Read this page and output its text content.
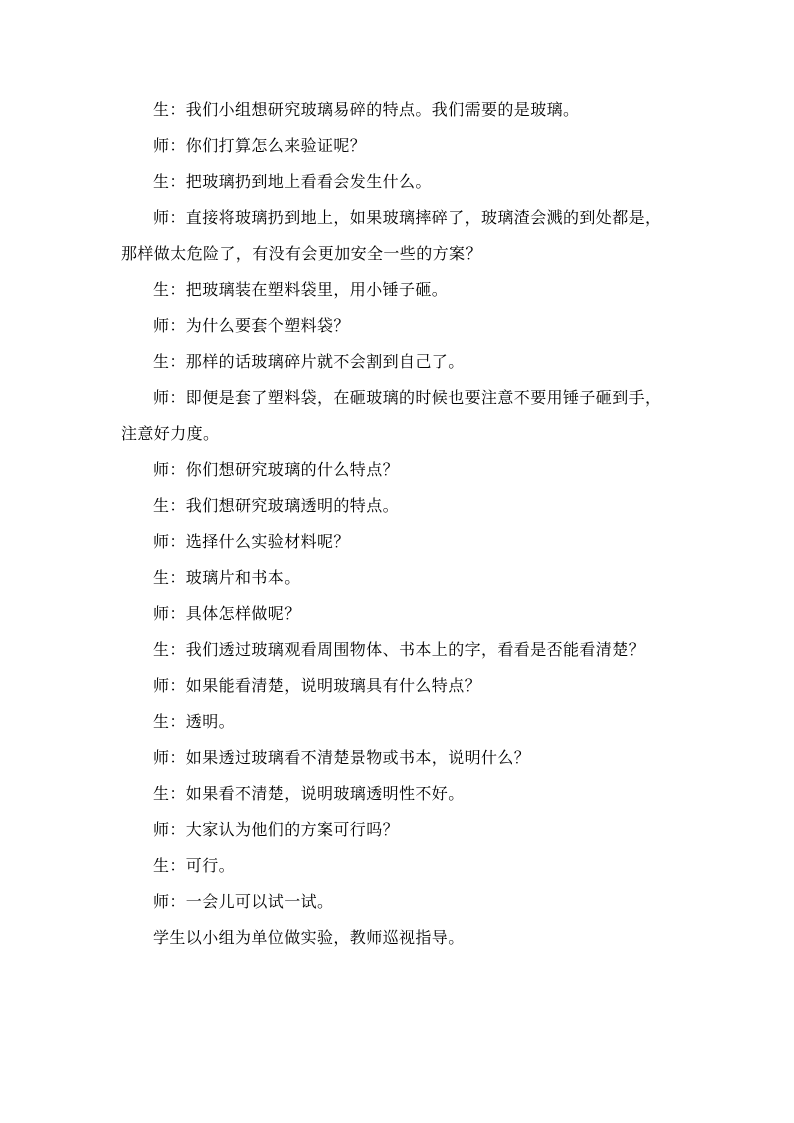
生：我们小组想研究玻璃易碎的特点。我们需要的是玻璃。

师：你们打算怎么来验证呢？

生：把玻璃扔到地上看看会发生什么。

师：直接将玻璃扔到地上，如果玻璃摔碎了，玻璃渣会溅的到处都是，那样做太危险了，有没有会更加安全一些的方案？

生：把玻璃装在塑料袋里，用小锤子砸。

师：为什么要套个塑料袋？

生：那样的话玻璃碎片就不会割到自己了。

师：即便是套了塑料袋，在砸玻璃的时候也要注意不要用锤子砸到手，注意好力度。

师：你们想研究玻璃的什么特点？

生：我们想研究玻璃透明的特点。

师：选择什么实验材料呢？

生：玻璃片和书本。

师：具体怎样做呢？

生：我们透过玻璃观看周围物体、书本上的字，看看是否能看清楚？

师：如果能看清楚，说明玻璃具有什么特点？

生：透明。

师：如果透过玻璃看不清楚景物或书本，说明什么？

生：如果看不清楚，说明玻璃透明性不好。

师：大家认为他们的方案可行吗？

生：可行。

师：一会儿可以试一试。

学生以小组为单位做实验，教师巡视指导。
